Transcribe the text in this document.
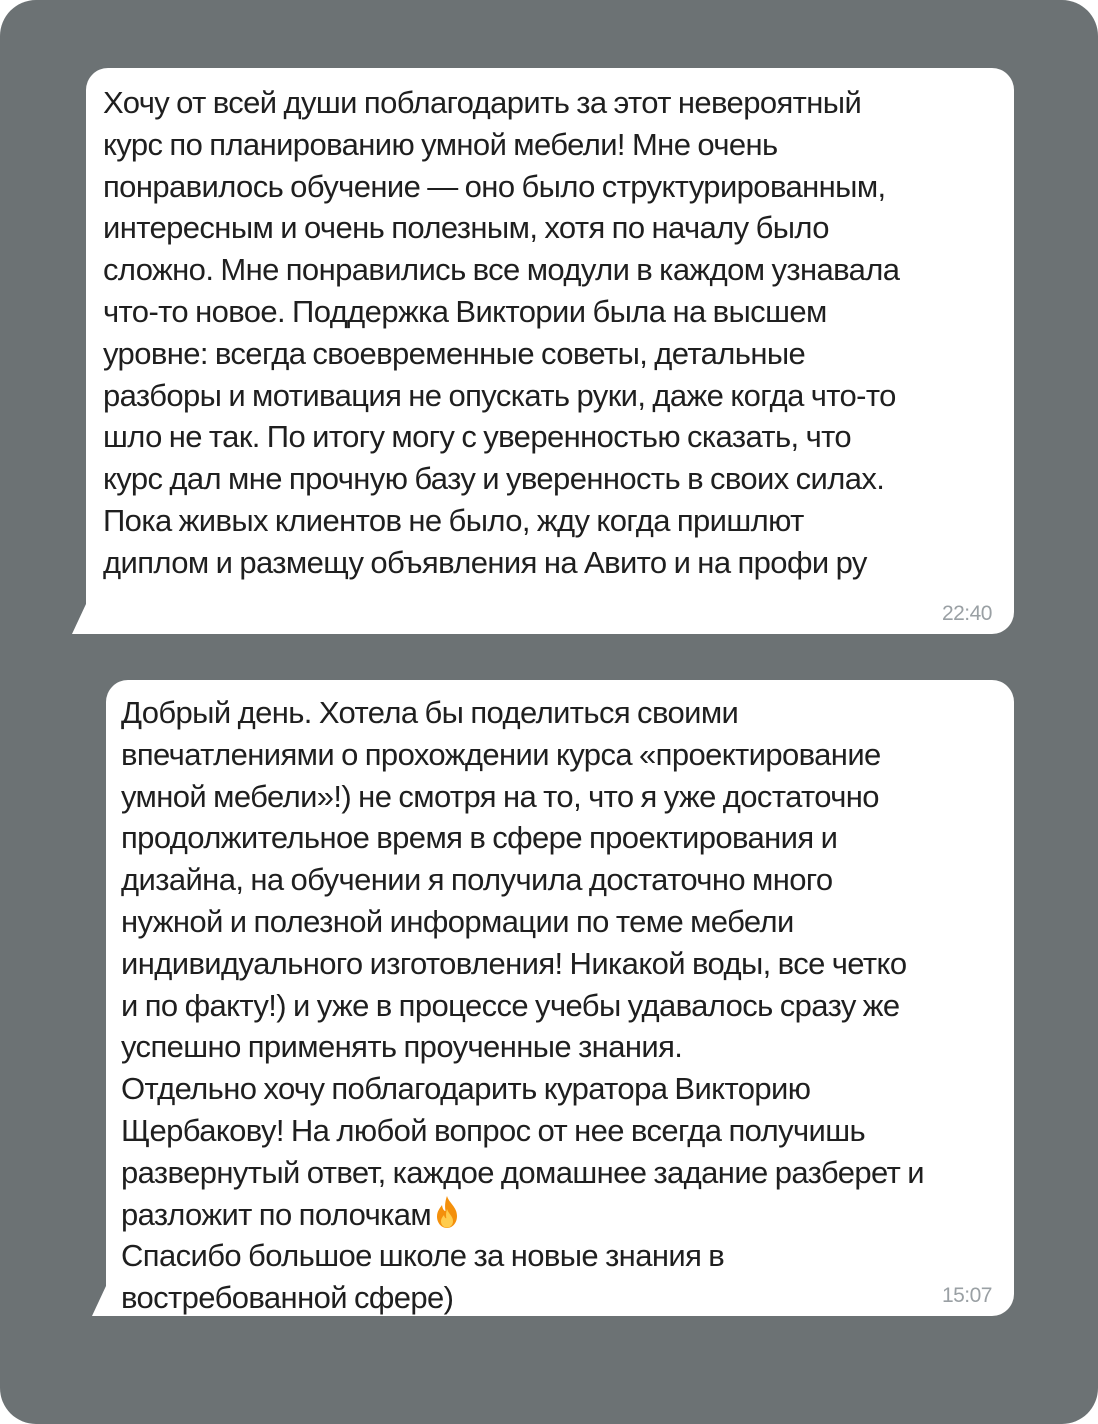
Хочу от всей души поблагодарить за этот невероятный
курс по планированию умной мебели! Мне очень
понравилось обучение — оно было структурированным,
интересным и очень полезным, хотя по началу было
сложно. Мне понравились все модули в каждом узнавала
что-то новое. Поддержка Виктории была на высшем
уровне: всегда своевременные советы, детальные
разборы и мотивация не опускать руки, даже когда что-то
шло не так. По итогу могу с уверенностью сказать, что
курс дал мне прочную базу и уверенность в своих силах.
Пока живых клиентов не было, жду когда пришлют
диплом и размещу объявления на Авито и на профи ру

22:40

Добрый день. Хотела бы поделиться своими
впечатлениями о прохождении курса «проектирование
умной мебели»!) не смотря на то, что я уже достаточно
продолжительное время в сфере проектирования и
дизайна, на обучении я получила достаточно много
нужной и полезной информации по теме мебели
индивидуального изготовления! Никакой воды, все четко
и по факту!) и уже в процессе учебы удавалось сразу же
успешно применять проученные знания.
Отдельно хочу поблагодарить куратора Викторию
Щербакову! На любой вопрос от нее всегда получишь
развернутый ответ, каждое домашнее задание разберет и
разложит по полочкам
Спасибо большое школе за новые знания в
востребованной сфере)	15:07
